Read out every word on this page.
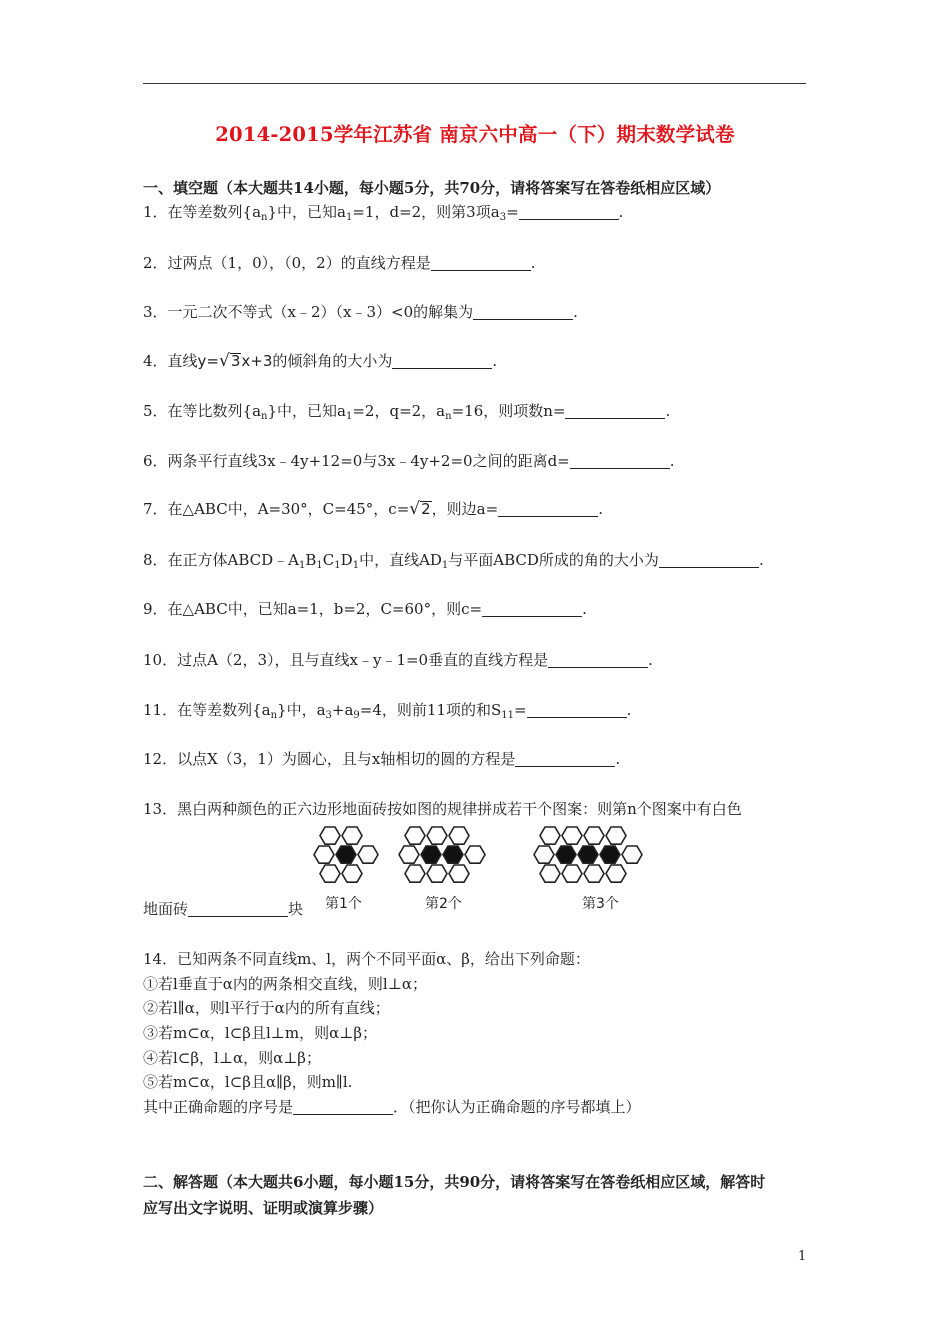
2014-2015学年江苏省 南京六中高一（下）期末数学试卷
一、填空题（本大题共14小题，每小题5分，共70分，请将答案写在答卷纸相应区域）
1．在等差数列$\{a_n\}$中，已知$a_1=1$，d=2，则第3项$a_3=$	.
2．过两点（1，0），（0，2）的直线方程是	.
3．一元二次不等式（x﹣2）（x﹣3）<0的解集为	.
4．直线y=√3x+3的倾斜角的大小为	.
5．在等比数列$\{a_n\}$中，已知$a_1=2$，q=2，$a_n=16$，则项数n=	.
6．两条平行直线3x﹣4y+12=0与3x﹣4y+2=0之间的距离d=	.
7．在△ABC中，A=30°，C=45°，c=√2，则边a=	.
8．在正方体$ABCD﹣A_1B_1C_1D_1$中，直线$AD_1$与平面ABCD所成的角的大小为	.
9．在△ABC中，已知a=1，b=2，C=60°，则c=	.
10．过点A（2，3），且与直线x﹣y﹣1=0垂直的直线方程是	.
11．在等差数列$\{a_n\}$中，$a_3+a_9=4$，则前11项的和$S_{11}=$	.
12．以点X（3，1）为圆心，且与x轴相切的圆的方程是	.
13．黑白两种颜色的正六边形地面砖按如图的规律拼成若干个图案：则第n个图案中有白色
第1个	第2个	第3个
地面砖	块
14．已知两条不同直线m、l，两个不同平面α、β，给出下列命题：
①若l垂直于α内的两条相交直线，则l⊥α；
②若l∥α，则l平行于α内的所有直线；
③若m⊂α，l⊂β且l⊥m，则α⊥β；
④若l⊂β，l⊥α，则α⊥β；
⑤若m⊂α，l⊂β且α∥β，则m∥l.
其中正确命题的序号是	．（把你认为正确命题的序号都填上）
二、解答题（本大题共6小题，每小题15分，共90分，请将答案写在答卷纸相应区域，解答时
应写出文字说明、证明或演算步骤）
1
